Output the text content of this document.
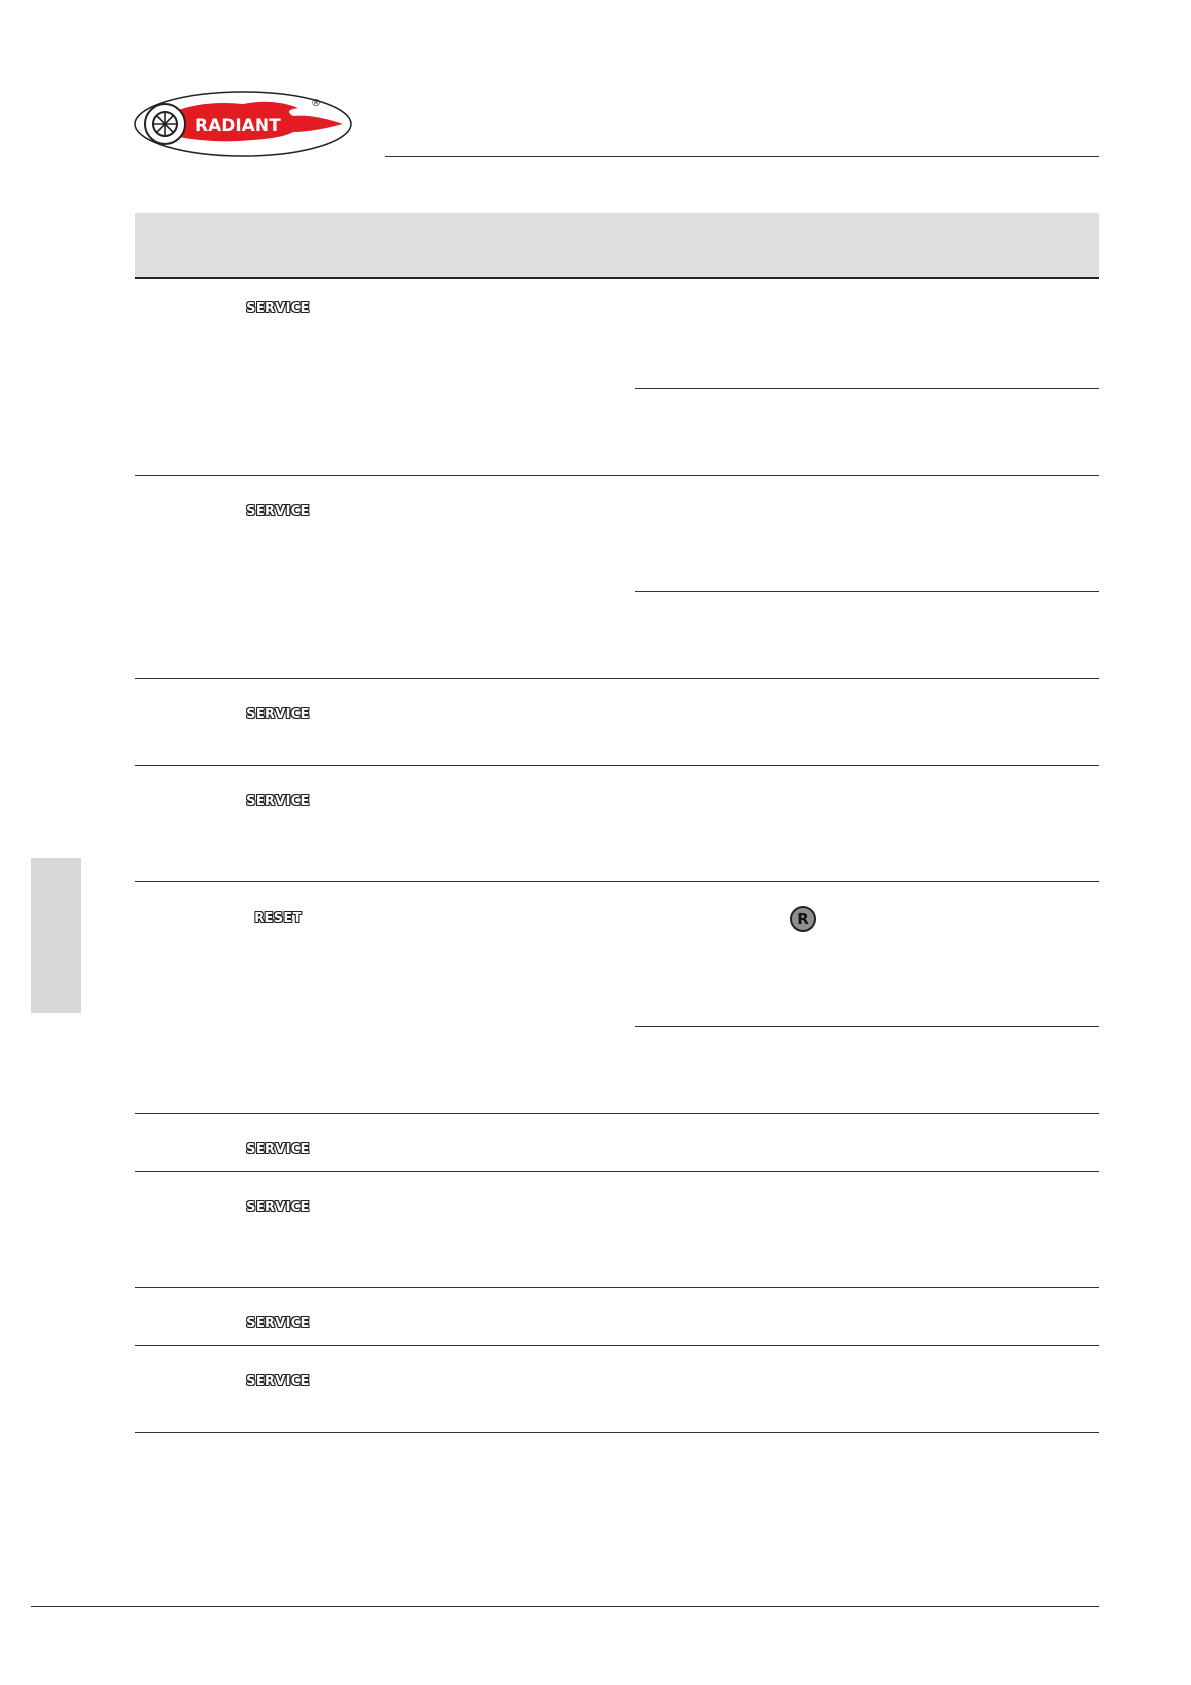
RADIANT
®
SERVICE
SERVICE
SERVICE
SERVICE
RESET	R
SERVICE
SERVICE
SERVICE
SERVICE
